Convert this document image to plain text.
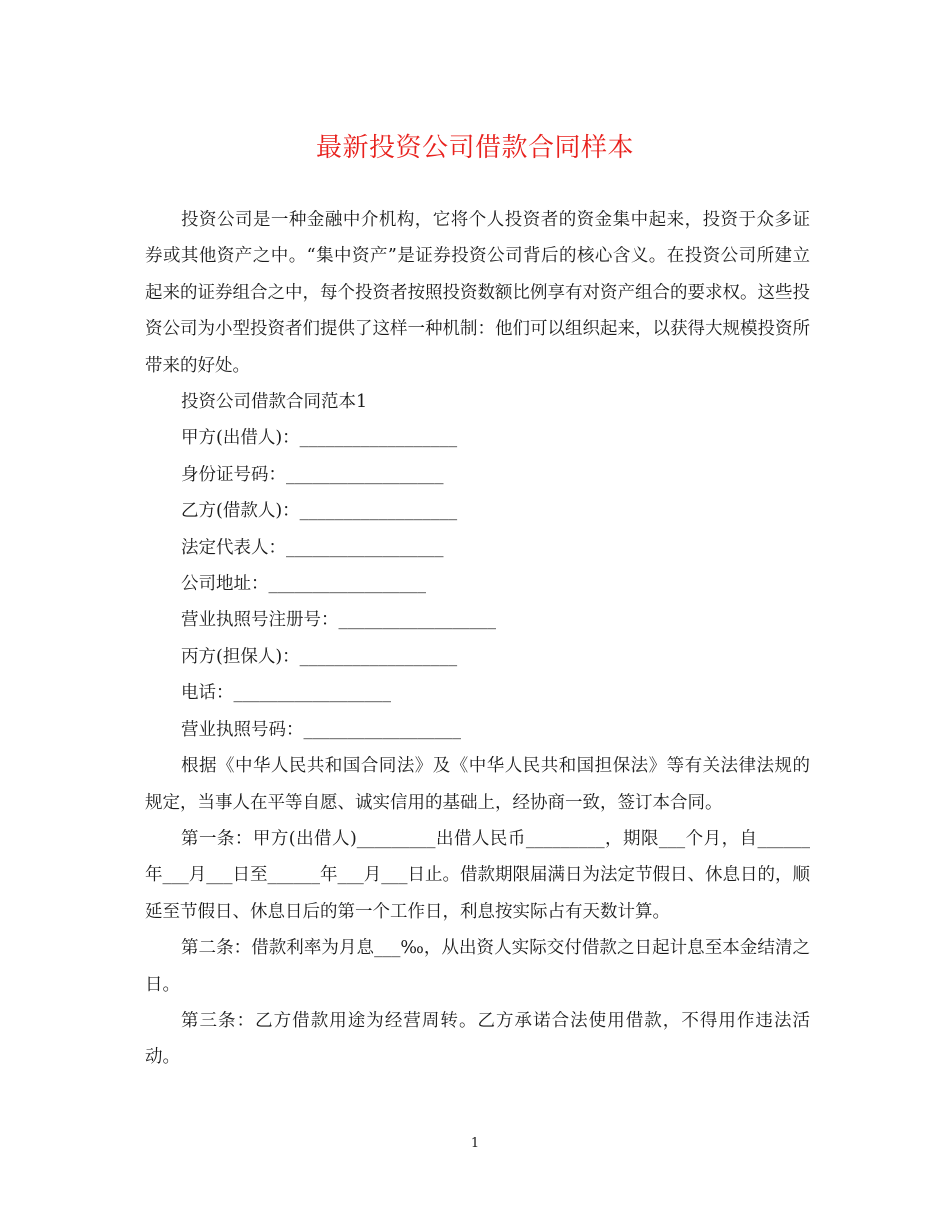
最新投资公司借款合同样本

投资公司是一种金融中介机构，它将个人投资者的资金集中起来，投资于众多证券或其他资产之中。“集中资产”是证券投资公司背后的核心含义。在投资公司所建立起来的证券组合之中，每个投资者按照投资数额比例享有对资产组合的要求权。这些投资公司为小型投资者们提供了这样一种机制：他们可以组织起来，以获得大规模投资所带来的好处。

投资公司借款合同范本1

甲方(出借人)：__________________

身份证号码：__________________

乙方(借款人)：__________________

法定代表人：__________________

公司地址：__________________

营业执照号注册号：__________________

丙方(担保人)：__________________

电话：__________________

营业执照号码：__________________

根据《中华人民共和国合同法》及《中华人民共和国担保法》等有关法律法规的规定，当事人在平等自愿、诚实信用的基础上，经协商一致，签订本合同。

第一条：甲方(出借人)_________出借人民币_________，期限___个月，自______年___月___日至______年___月___日止。借款期限届满日为法定节假日、休息日的，顺延至节假日、休息日后的第一个工作日，利息按实际占有天数计算。

第二条：借款利率为月息___‰，从出资人实际交付借款之日起计息至本金结清之日。

第三条：乙方借款用途为经营周转。乙方承诺合法使用借款，不得用作违法活动。

1
